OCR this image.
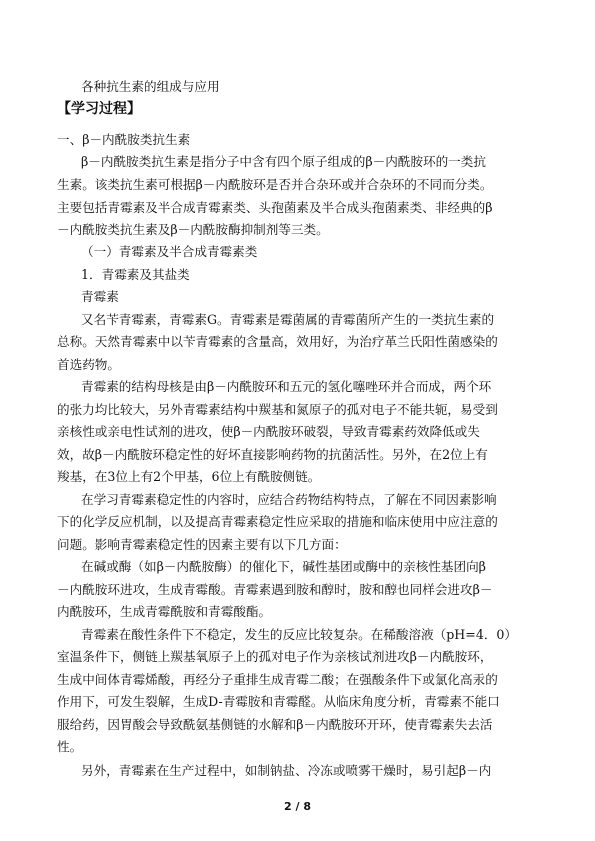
各种抗生素的组成与应用
【学习过程】
一、β－内酰胺类抗生素
β－内酰胺类抗生素是指分子中含有四个原子组成的β－内酰胺环的一类抗
生素。该类抗生素可根据β－内酰胺环是否并合杂环或并合杂环的不同而分类。
主要包括青霉素及半合成青霉素类、头孢菌素及半合成头孢菌素类、非经典的β
－内酰胺类抗生素及β－内酰胺酶抑制剂等三类。
（一）青霉素及半合成青霉素类
1．青霉素及其盐类
青霉素
又名苄青霉素，青霉素G。青霉素是霉菌属的青霉菌所产生的一类抗生素的
总称。天然青霉素中以苄青霉素的含量高，效用好，为治疗革兰氏阳性菌感染的
首选药物。
青霉素的结构母核是由β－内酰胺环和五元的氢化噻唑环并合而成，两个环
的张力均比较大，另外青霉素结构中羰基和氮原子的孤对电子不能共轭，易受到
亲核性或亲电性试剂的进攻，使β－内酰胺环破裂，导致青霉素药效降低或失
效，故β－内酰胺环稳定性的好坏直接影响药物的抗菌活性。另外，在2位上有
羧基，在3位上有2个甲基，6位上有酰胺侧链。
在学习青霉素稳定性的内容时，应结合药物结构特点，了解在不同因素影响
下的化学反应机制，以及提高青霉素稳定性应采取的措施和临床使用中应注意的
问题。影响青霉素稳定性的因素主要有以下几方面：
在碱或酶（如β－内酰胺酶）的催化下，碱性基团或酶中的亲核性基团向β
－内酰胺环进攻，生成青霉酸。青霉素遇到胺和醇时，胺和醇也同样会进攻β－
内酰胺环，生成青霉酰胺和青霉酸酯。
青霉素在酸性条件下不稳定，发生的反应比较复杂。在稀酸溶液（pH=4．0）
室温条件下，侧链上羰基氧原子上的孤对电子作为亲核试剂进攻β－内酰胺环，
生成中间体青霉烯酸，再经分子重排生成青霉二酸；在强酸条件下或氯化高汞的
作用下，可发生裂解，生成D-青霉胺和青霉醛。从临床角度分析，青霉素不能口
服给药，因胃酸会导致酰氨基侧链的水解和β－内酰胺环开环，使青霉素失去活
性。
另外，青霉素在生产过程中，如制钠盐、冷冻或喷雾干燥时，易引起β－内
2 / 8
